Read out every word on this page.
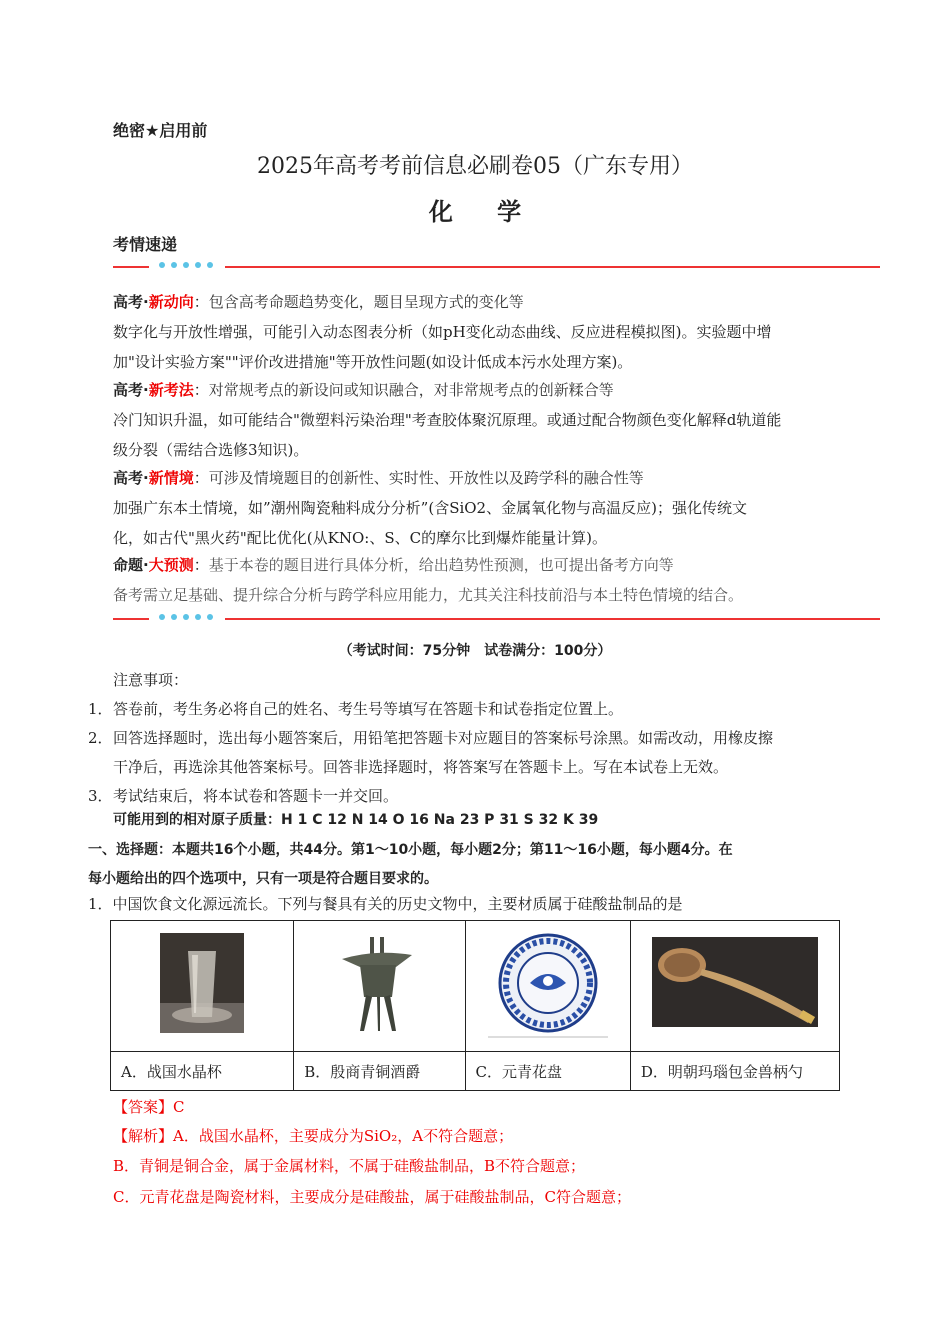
绝密★启用前
2025年高考考前信息必刷卷05（广东专用）
化 学
考情速递
高考·新动向：包含高考命题趋势变化，题目呈现方式的变化等
数字化与开放性增强，可能引入动态图表分析（如pH变化动态曲线、反应进程模拟图)。实验题中增
加"设计实验方案""评价改进措施"等开放性问题(如设计低成本污水处理方案)。
高考·新考法：对常规考点的新设问或知识融合，对非常规考点的创新糅合等
冷门知识升温，如可能结合"微塑料污染治理"考查胶体聚沉原理。或通过配合物颜色变化解释d轨道能
级分裂（需结合选修3知识)。
高考·新情境：可涉及情境题目的创新性、实时性、开放性以及跨学科的融合性等
加强广东本土情境，如”潮州陶瓷釉料成分分析”(含SiO2、金属氧化物与高温反应)；强化传统文
化，如古代"黑火药"配比优化(从KNO:、S、C的摩尔比到爆炸能量计算)。
命题·大预测：基于本卷的题目进行具体分析，给出趋势性预测，也可提出备考方向等
备考需立足基础、提升综合分析与跨学科应用能力，尤其关注科技前沿与本土特色情境的结合。
（考试时间：75分钟　试卷满分：100分）
注意事项：
1． 答卷前，考生务必将自己的姓名、考生号等填写在答题卡和试卷指定位置上。
2． 回答选择题时，选出每小题答案后，用铅笔把答题卡对应题目的答案标号涂黑。如需改动，用橡皮擦
干净后，再选涂其他答案标号。回答非选择题时，将答案写在答题卡上。写在本试卷上无效。
3． 考试结束后，将本试卷和答题卡一并交回。
可能用到的相对原子质量：H 1 C 12 N 14 O 16 Na 23 P 31 S 32 K 39
一、选择题：本题共16个小题，共44分。第1～10小题，每小题2分；第11～16小题，每小题4分。在
每小题给出的四个选项中，只有一项是符合题目要求的。
1．中国饮食文化源远流长。下列与餐具有关的历史文物中，主要材质属于硅酸盐制品的是

A．战国水晶杯	B．殷商青铜酒爵	C．元青花盘	D．明朝玛瑙包金兽柄勺
【答案】C
【解析】A．战国水晶杯，主要成分为SiO₂，A不符合题意；
B．青铜是铜合金，属于金属材料，不属于硅酸盐制品，B不符合题意；
C．元青花盘是陶瓷材料，主要成分是硅酸盐，属于硅酸盐制品，C符合题意；
